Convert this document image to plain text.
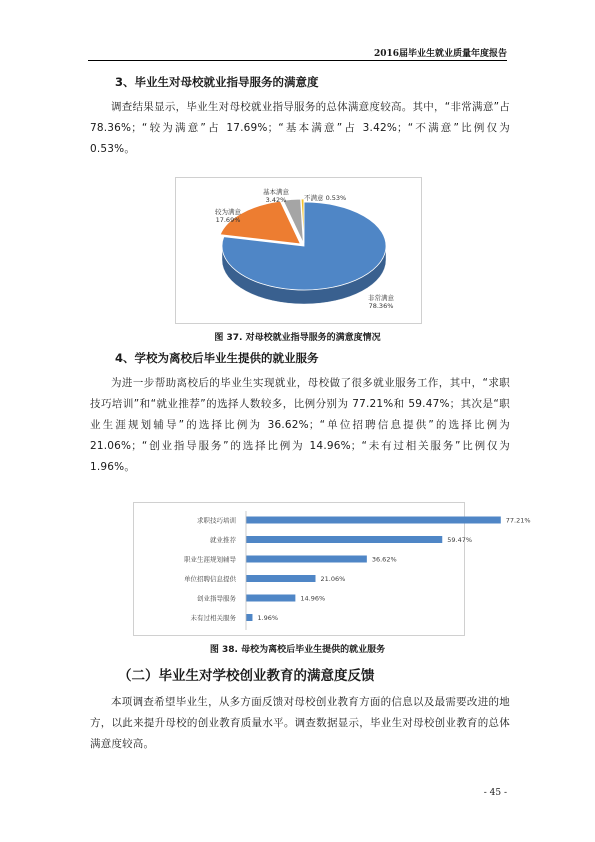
2016届毕业生就业质量年度报告
3、毕业生对母校就业指导服务的满意度
调查结果显示，毕业生对母校就业指导服务的总体满意度较高。其中，“非常满意”占 78.36%；“较为满意”占 17.69%；“基本满意”占 3.42%；“不满意”比例仅为 0.53%。
非常满意
78.36%
较为满意
17.69%
基本满意
3.42%	不满意 0.53%
图 37. 对母校就业指导服务的满意度情况
4、学校为离校后毕业生提供的就业服务
为进一步帮助离校后的毕业生实现就业，母校做了很多就业服务工作，其中，“求职技巧培训”和“就业推荐”的选择人数较多，比例分别为 77.21%和 59.47%；其次是“职业生涯规划辅导”的选择比例为 36.62%；“单位招聘信息提供”的选择比例为 21.06%；“创业指导服务”的选择比例为 14.96%；“未有过相关服务”比例仅为 1.96%。
求职技巧培训	77.21%
就业推荐	59.47%
职业生涯规划辅导	36.62%
单位招聘信息提供	21.06%
创业指导服务	14.96%
未有过相关服务	1.96%
图 38. 母校为离校后毕业生提供的就业服务
（二）毕业生对学校创业教育的满意度反馈
本项调查希望毕业生，从多方面反馈对母校创业教育方面的信息以及最需要改进的地方，以此来提升母校的创业教育质量水平。调查数据显示，毕业生对母校创业教育的总体满意度较高。
- 45 -
